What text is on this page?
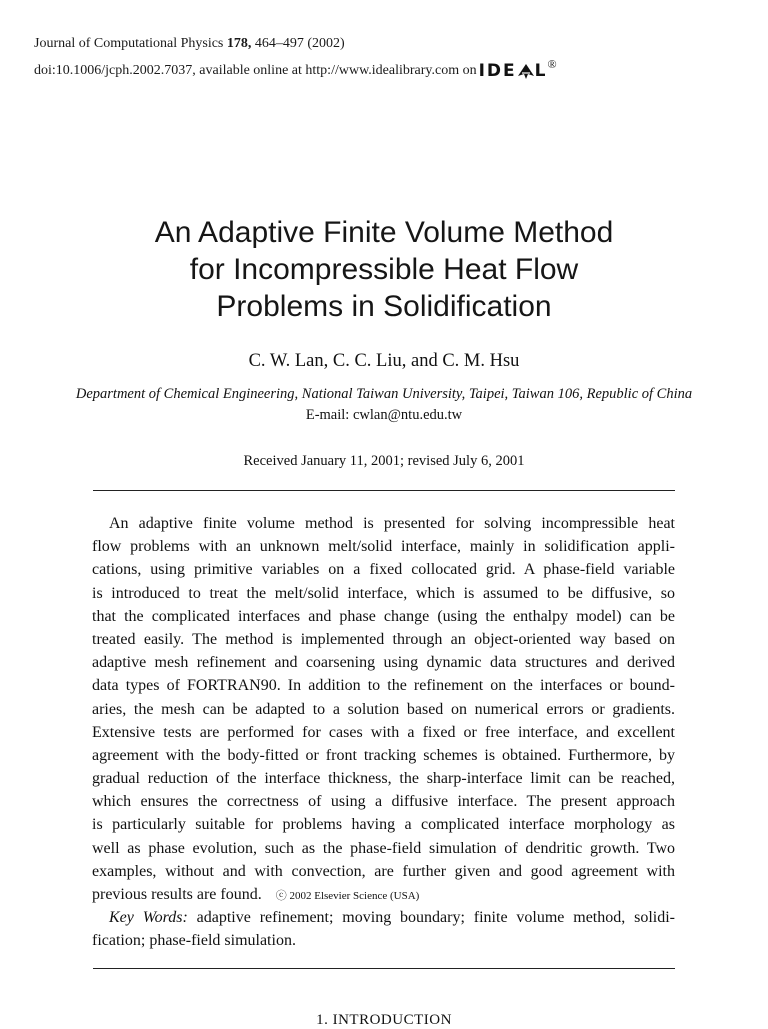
Journal of Computational Physics 178, 464–497 (2002)
doi:10.1006/jcph.2002.7037, available online at http://www.idealibrary.com on IDE L®
An Adaptive Finite Volume Method
for Incompressible Heat Flow
Problems in Solidification
C. W. Lan, C. C. Liu, and C. M. Hsu
Department of Chemical Engineering, National Taiwan University, Taipei, Taiwan 106, Republic of China
E-mail: cwlan@ntu.edu.tw
Received January 11, 2001; revised July 6, 2001
An adaptive finite volume method is presented for solving incompressible heat
flow problems with an unknown melt/solid interface, mainly in solidification appli-
cations, using primitive variables on a fixed collocated grid. A phase-field variable
is introduced to treat the melt/solid interface, which is assumed to be diffusive, so
that the complicated interfaces and phase change (using the enthalpy model) can be
treated easily. The method is implemented through an object-oriented way based on
adaptive mesh refinement and coarsening using dynamic data structures and derived
data types of FORTRAN90. In addition to the refinement on the interfaces or bound-
aries, the mesh can be adapted to a solution based on numerical errors or gradients.
Extensive tests are performed for cases with a fixed or free interface, and excellent
agreement with the body-fitted or front tracking schemes is obtained. Furthermore, by
gradual reduction of the interface thickness, the sharp-interface limit can be reached,
which ensures the correctness of using a diffusive interface. The present approach
is particularly suitable for problems having a complicated interface morphology as
well as phase evolution, such as the phase-field simulation of dendritic growth. Two
examples, without and with convection, are further given and good agreement with
previous results are found. ⓒ 2002 Elsevier Science (USA)
Key Words: adaptive refinement; moving boundary; finite volume method, solidi-
fication; phase-field simulation.
1. INTRODUCTION
